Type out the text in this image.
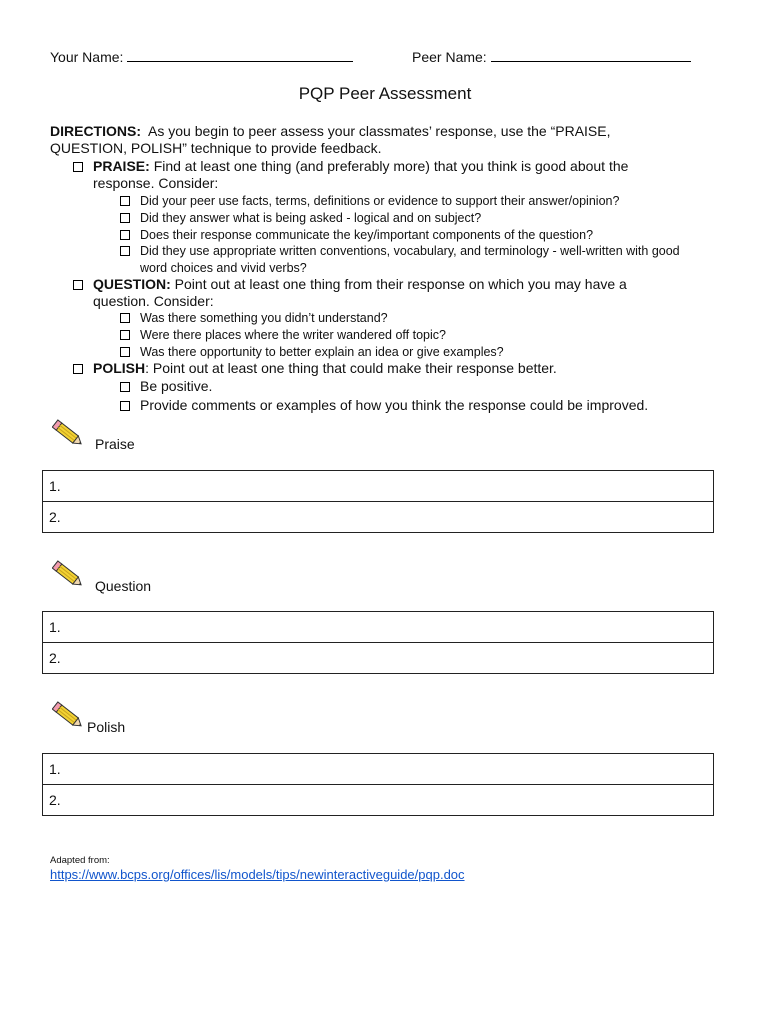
Your Name:	Peer Name:
PQP Peer Assessment
DIRECTIONS: As you begin to peer assess your classmates’ response, use the “PRAISE, QUESTION, POLISH” technique to provide feedback.
PRAISE: Find at least one thing (and preferably more) that you think is good about the response. Consider:
Did your peer use facts, terms, definitions or evidence to support their answer/opinion?
Did they answer what is being asked - logical and on subject?
Does their response communicate the key/important components of the question?
Did they use appropriate written conventions, vocabulary, and terminology - well-written with good word choices and vivid verbs?
QUESTION: Point out at least one thing from their response on which you may have a question. Consider:
Was there something you didn’t understand?
Were there places where the writer wandered off topic?
Was there opportunity to better explain an idea or give examples?
POLISH: Point out at least one thing that could make their response better.
Be positive.
Provide comments or examples of how you think the response could be improved.
Praise
1.
2.
Question
1.
2.
Polish
1.
2.
Adapted from:
https://www.bcps.org/offices/lis/models/tips/newinteractiveguide/pqp.doc
